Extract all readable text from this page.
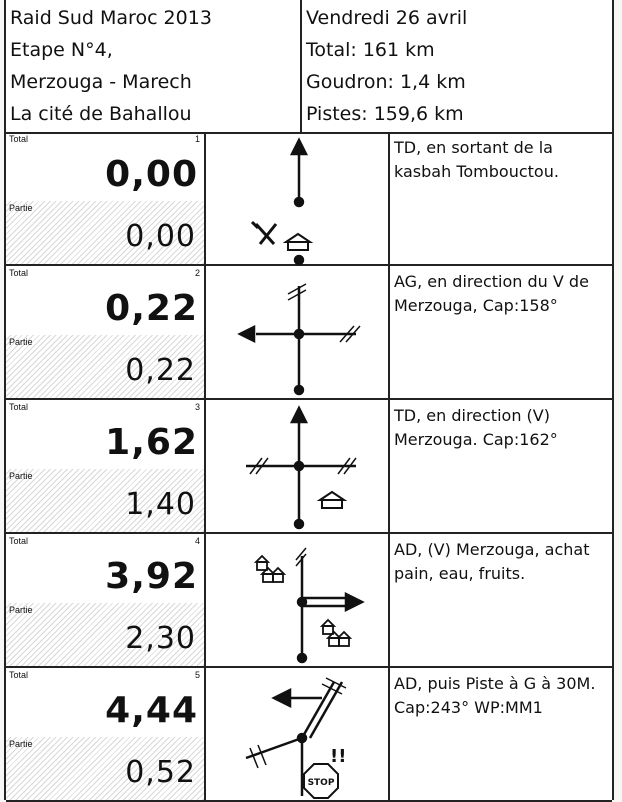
Raid Sud Maroc 2013
Etape N°4,
Merzouga - Marech
La cité de Bahallou
Vendredi 26 avril
Total: 161 km
Goudron: 1,4 km
Pistes: 159,6 km
Total	1
0,00
Partie
0,00
TD, en sortant de la kasbah Tombouctou.
Total	2
0,22
Partie
0,22
AG, en direction du V de Merzouga, Cap:158°
Total	3
1,62
Partie
1,40
TD, en direction (V) Merzouga. Cap:162°
Total	4
3,92
Partie
2,30
AD, (V) Merzouga, achat pain, eau, fruits.
Total	5
4,44
Partie
0,52	STOP
!!
AD, puis Piste à G à 30M. Cap:243° WP:MM1
